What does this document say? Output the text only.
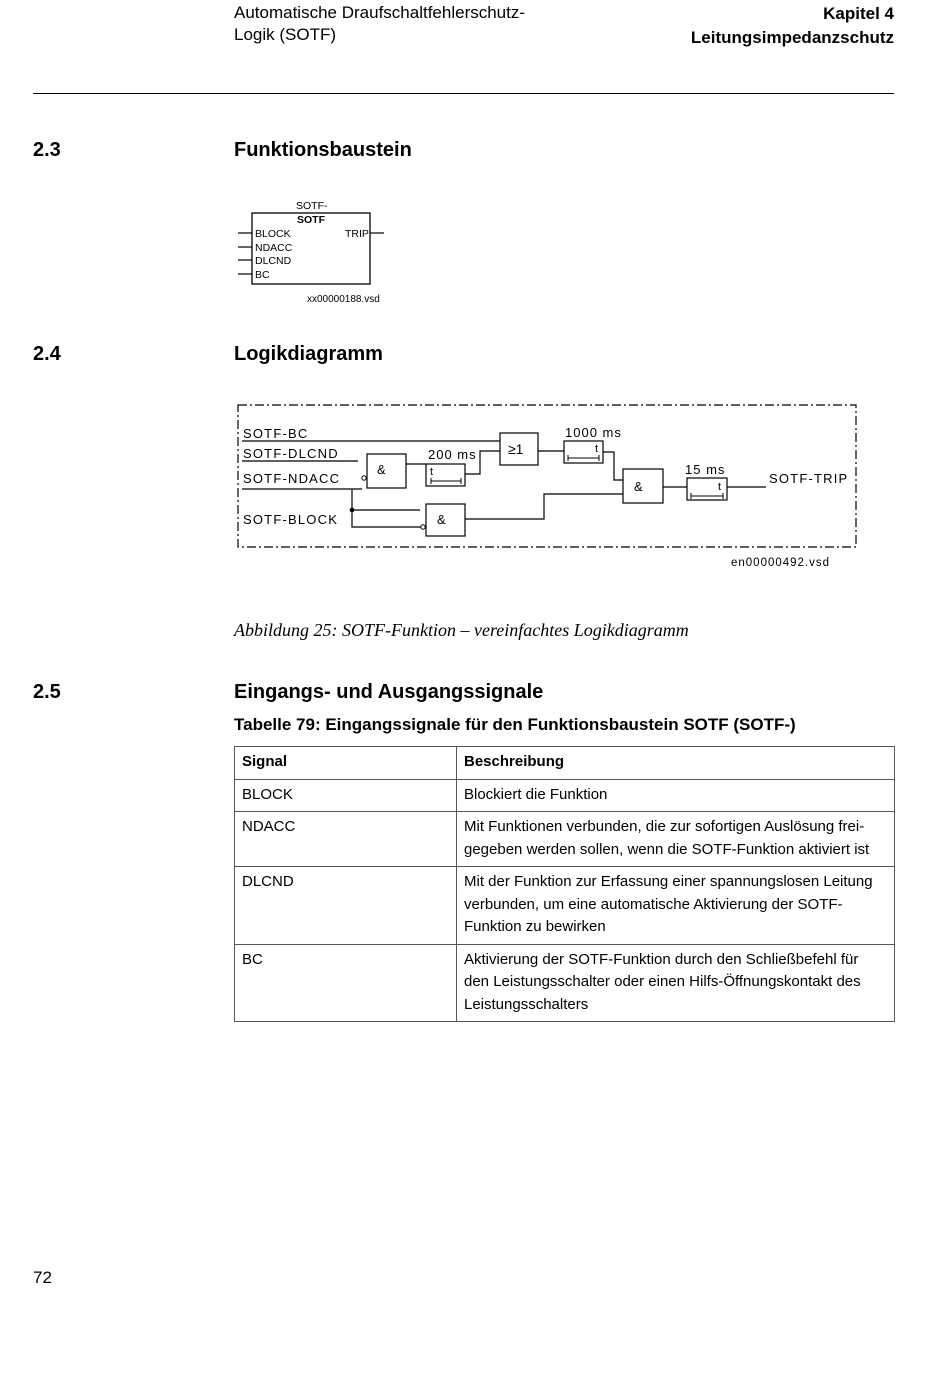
Automatische Draufschaltfehlerschutz-
Logik (SOTF)
Kapitel 4
Leitungsimpedanzschutz
2.3	Funktionsbaustein
SOTF-
SOTF
BLOCK
NDACC
DLCND
BC
TRIP
xx00000188.vsd
2.4	Logikdiagramm
SOTF-BC
SOTF-DLCND
SOTF-NDACC
SOTF-BLOCK
&
&
≥1
&
200 ms
t
1000 ms
t
15 ms
t
SOTF-TRIP
en00000492.vsd
Abbildung 25: SOTF-Funktion – vereinfachtes Logikdiagramm
2.5	Eingangs- und Ausgangssignale
Tabelle 79: Eingangssignale für den Funktionsbaustein SOTF (SOTF-)
Signal	Beschreibung
BLOCK	Blockiert die Funktion

NDACC	Mit Funktionen verbunden, die zur sofortigen Auslösung frei-
gegeben werden sollen, wenn die SOTF-Funktion aktiviert ist

DLCND	Mit der Funktion zur Erfassung einer spannungslosen Leitung
verbunden, um eine automatische Aktivierung der SOTF-
Funktion zu bewirken

BC	Aktivierung der SOTF-Funktion durch den Schließbefehl für
den Leistungsschalter oder einen Hilfs-Öffnungskontakt des
Leistungsschalters
72
